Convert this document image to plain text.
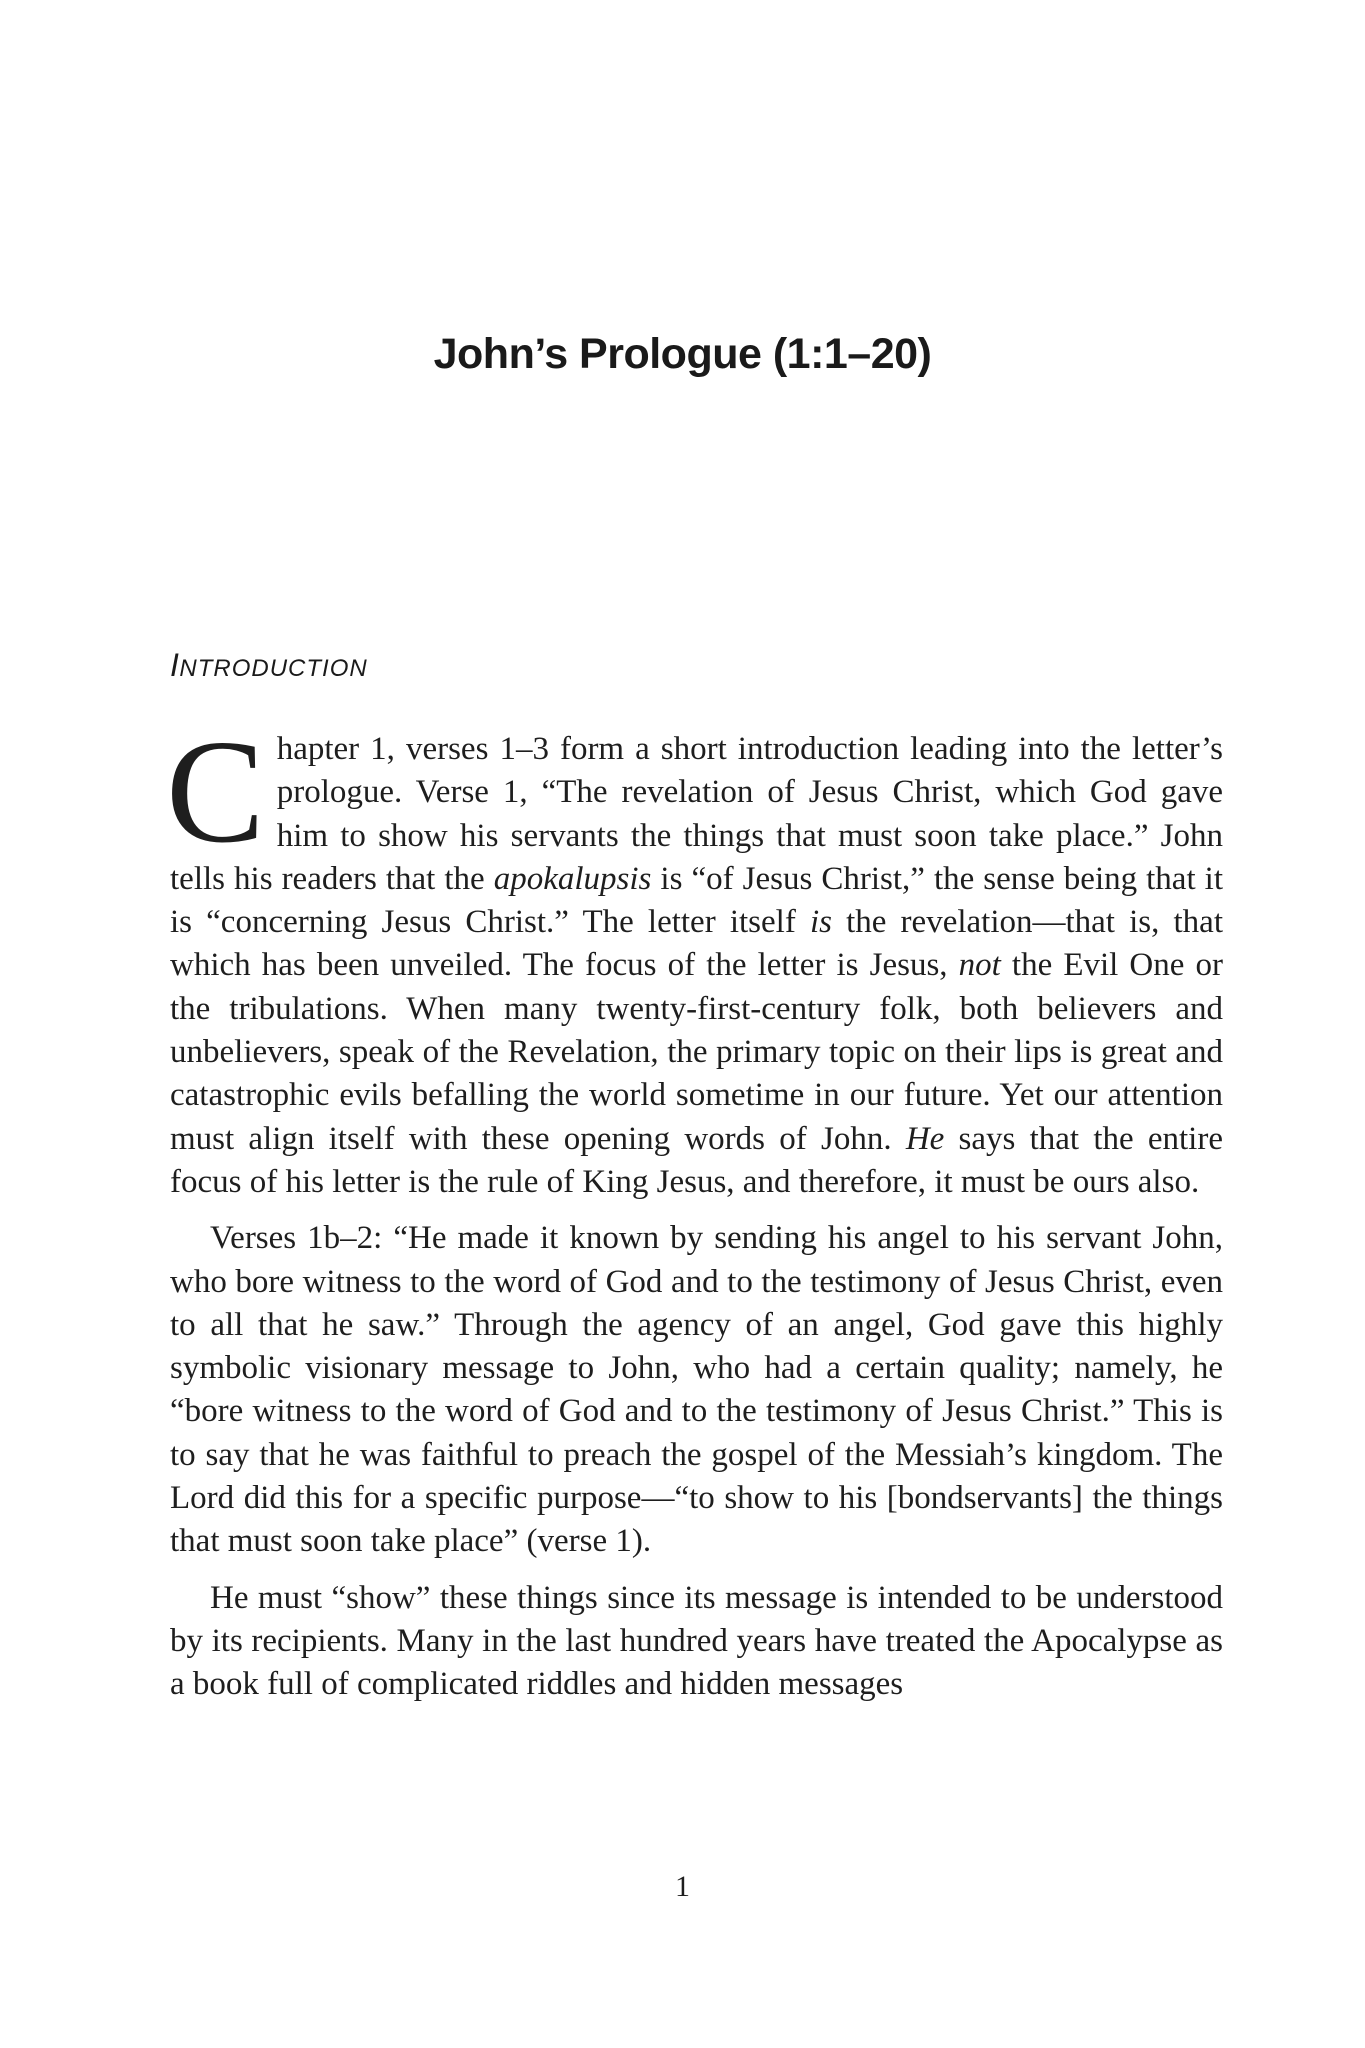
John’s Prologue (1:1–20)
INTRODUCTION

Chapter 1, verses 1–3 form a short introduction leading into the letter’s prologue. Verse 1, “The revelation of Jesus Christ, which God gave him to show his servants the things that must soon take place.” John tells his readers that the apokalupsis is “of Jesus Christ,” the sense being that it is “concerning Jesus Christ.” The letter itself is the revelation—that is, that which has been unveiled. The focus of the letter is Jesus, not the Evil One or the tribulations. When many twenty-first-century folk, both believers and unbelievers, speak of the Revelation, the primary topic on their lips is great and catastrophic evils befalling the world sometime in our future. Yet our attention must align itself with these opening words of John. He says that the entire focus of his letter is the rule of King Jesus, and therefore, it must be ours also.

Verses 1b–2: “He made it known by sending his angel to his servant John, who bore witness to the word of God and to the testimony of Jesus Christ, even to all that he saw.” Through the agency of an angel, God gave this highly symbolic visionary message to John, who had a certain quality; namely, he “bore witness to the word of God and to the testimony of Jesus Christ.” This is to say that he was faithful to preach the gospel of the Messiah’s kingdom. The Lord did this for a specific purpose—“to show to his [bondservants] the things that must soon take place” (verse 1).

He must “show” these things since its message is intended to be understood by its recipients. Many in the last hundred years have treated the Apocalypse as a book full of complicated riddles and hidden messages

1
